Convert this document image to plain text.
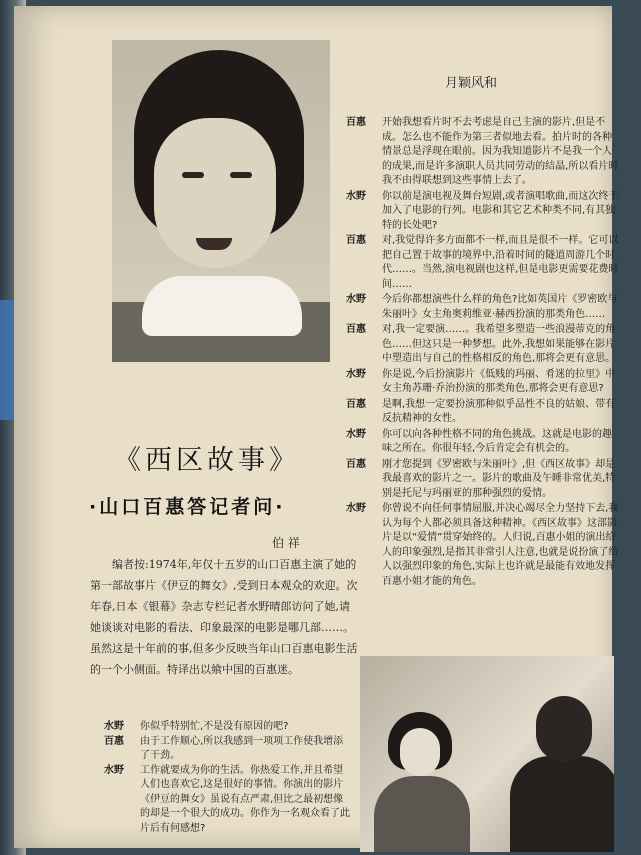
月颖风和
《西区故事》
·山口百惠答记者问·
伯 祥

编者按:1974年,年仅十五岁的山口百惠主演了她的第一部故事片《伊豆的舞女》,受到日本观众的欢迎。次年春,日本《银幕》杂志专栏记者水野晴郎访问了她,请她谈谈对电影的看法、印象最深的电影是哪几部……。虽然这是十年前的事,但多少反映当年山口百惠电影生活的一个小侧面。特译出以飨中国的百惠迷。

水野	你似乎特别忙,不是没有原因的吧?
百惠	由于工作顺心,所以我感到一项项工作使我增添了干劲。
水野	工作就要成为你的生活。你热爱工作,并且希望人们也喜欢它,这是很好的事情。你演出的影片《伊豆的舞女》虽说有点严肃,但比之最初想像的却是一个很大的成功。你作为一名观众看了此片后有何感想?
百惠	开始我想看片时不去考虑是自己主演的影片,但是不成。怎么也不能作为第三者似地去看。拍片时的各种情景总是浮现在眼前。因为我知道影片不是我一个人的成果,而是许多演职人员共同劳动的结晶,所以看片时我不由得联想到这些事情上去了。
水野	你以前是演电视及舞台短剧,或者演唱歌曲,而这次终于加入了电影的行列。电影和其它艺术种类不同,有其独特的长处吧?
百惠	对,我觉得许多方面都不一样,而且是很不一样。它可以把自己置于故事的境界中,沿着时间的隧道周游几个时代……。当然,演电视剧也这样,但是电影更需要花费时间……
水野	今后你都想演些什么样的角色?比如英国片《罗密欧与朱丽叶》女主角奥莉维亚·赫西扮演的那类角色……
百惠	对,我一定要演……。我希望多塑造一些浪漫蒂克的角色……但这只是一种梦想。此外,我想如果能够在影片中塑造出与自己的性格相反的角色,那将会更有意思。
水野	你是说,今后扮演影片《低贱的玛丽、肴迷的拉里》中女主角苏珊·乔治扮演的那类角色,那将会更有意思?
百惠	是啊,我想一定要扮演那种似乎品性不良的姑娘、带有反抗精神的女性。
水野	你可以向各种性格不同的角色挑战。这就是电影的趣味之所在。你很年轻,今后肯定会有机会的。
百惠	刚才您提到《罗密欧与朱丽叶》,但《西区故事》却是我最喜欢的影片之一。影片的歌曲及午睡非常优美,特别是托尼与玛丽亚的那种强烈的爱情。
水野	你曾说不向任何事情屈服,并决心竭尽全力坚持下去,我认为每个人都必须具备这种精神。《西区故事》这部影片是以“爱情”贯穿始终的。人归说,百惠小姐的演出给人的印象强烈,是指其非常引人注意,也就是说扮演了给人以强烈印象的角色,实际上也许就是最能有效地发挥百惠小姐才能的角色。
